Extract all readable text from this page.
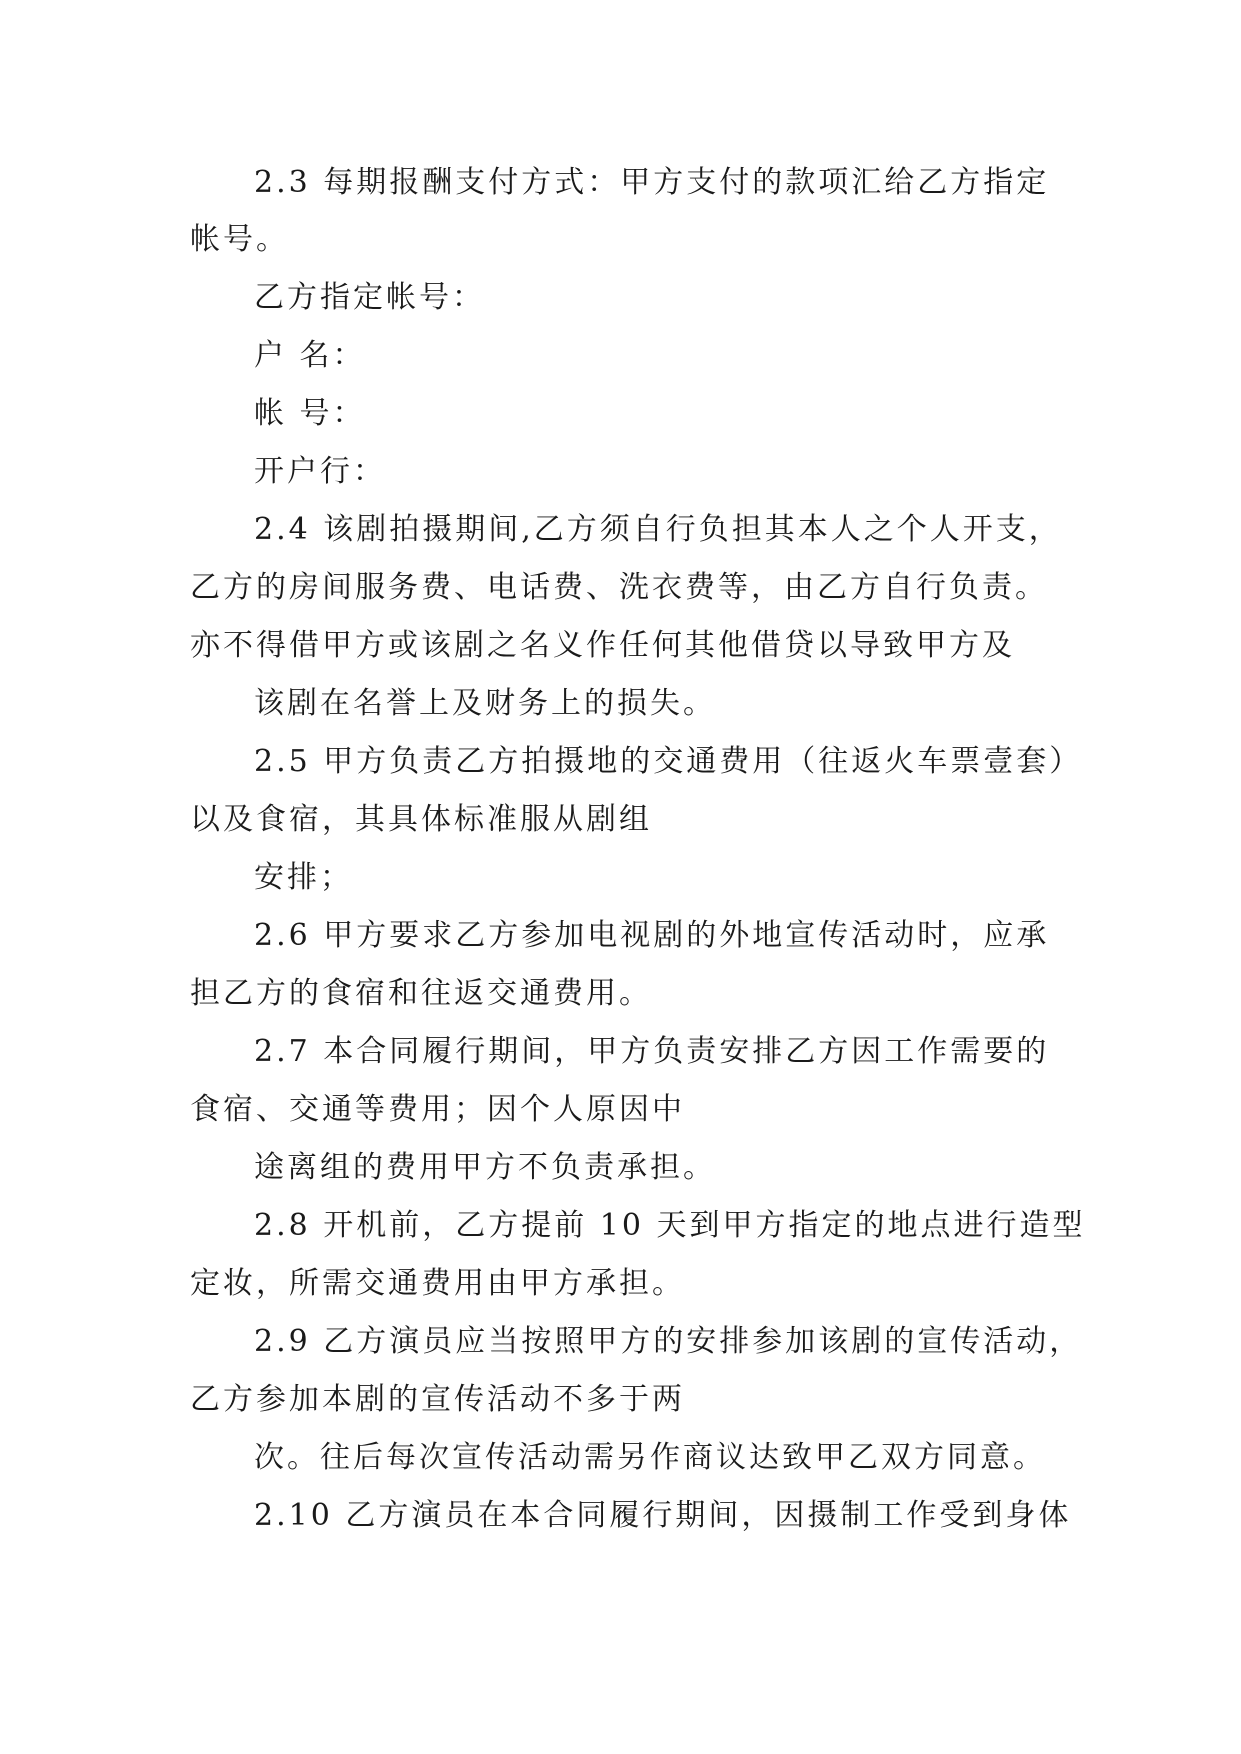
2.3 每期报酬支付方式：甲方支付的款项汇给乙方指定
帐号。
乙方指定帐号：
户 名：
帐 号：
开户行：
2.4 该剧拍摄期间,乙方须自行负担其本人之个人开支，
乙方的房间服务费、电话费、洗衣费等，由乙方自行负责。
亦不得借甲方或该剧之名义作任何其他借贷以导致甲方及
该剧在名誉上及财务上的损失。
2.5 甲方负责乙方拍摄地的交通费用（往返火车票壹套）
以及食宿，其具体标准服从剧组
安排；
2.6 甲方要求乙方参加电视剧的外地宣传活动时，应承
担乙方的食宿和往返交通费用。
2.7 本合同履行期间，甲方负责安排乙方因工作需要的
食宿、交通等费用；因个人原因中
途离组的费用甲方不负责承担。
2.8 开机前，乙方提前 10 天到甲方指定的地点进行造型
定妆，所需交通费用由甲方承担。
2.9 乙方演员应当按照甲方的安排参加该剧的宣传活动，
乙方参加本剧的宣传活动不多于两
次。往后每次宣传活动需另作商议达致甲乙双方同意。
2.10 乙方演员在本合同履行期间，因摄制工作受到身体
